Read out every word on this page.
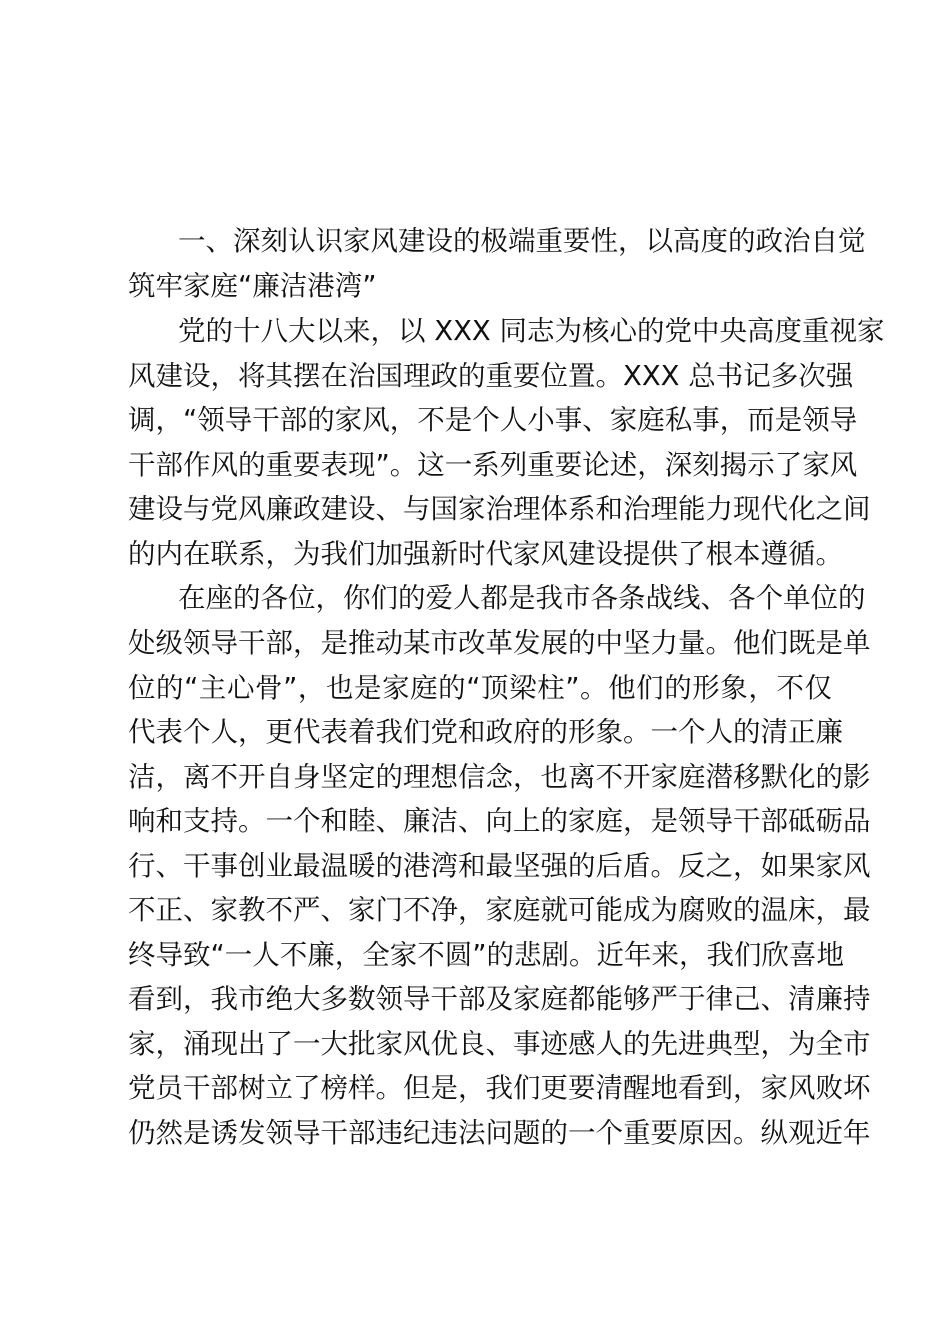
一、深刻认识家风建设的极端重要性，以高度的政治自觉
筑牢家庭“廉洁港湾”
党的十八大以来，以 XXX 同志为核心的党中央高度重视家
风建设，将其摆在治国理政的重要位置。XXX 总书记多次强
调，“领导干部的家风，不是个人小事、家庭私事，而是领导
干部作风的重要表现”。这一系列重要论述，深刻揭示了家风
建设与党风廉政建设、与国家治理体系和治理能力现代化之间
的内在联系，为我们加强新时代家风建设提供了根本遵循。
在座的各位，你们的爱人都是我市各条战线、各个单位的
处级领导干部，是推动某市改革发展的中坚力量。他们既是单
位的“主心骨”，也是家庭的“顶梁柱”。他们的形象，不仅
代表个人，更代表着我们党和政府的形象。一个人的清正廉
洁，离不开自身坚定的理想信念，也离不开家庭潜移默化的影
响和支持。一个和睦、廉洁、向上的家庭，是领导干部砥砺品
行、干事创业最温暖的港湾和最坚强的后盾。反之，如果家风
不正、家教不严、家门不净，家庭就可能成为腐败的温床，最
终导致“一人不廉，全家不圆”的悲剧。近年来，我们欣喜地
看到，我市绝大多数领导干部及家庭都能够严于律己、清廉持
家，涌现出了一大批家风优良、事迹感人的先进典型，为全市
党员干部树立了榜样。但是，我们更要清醒地看到，家风败坏
仍然是诱发领导干部违纪违法问题的一个重要原因。纵观近年
